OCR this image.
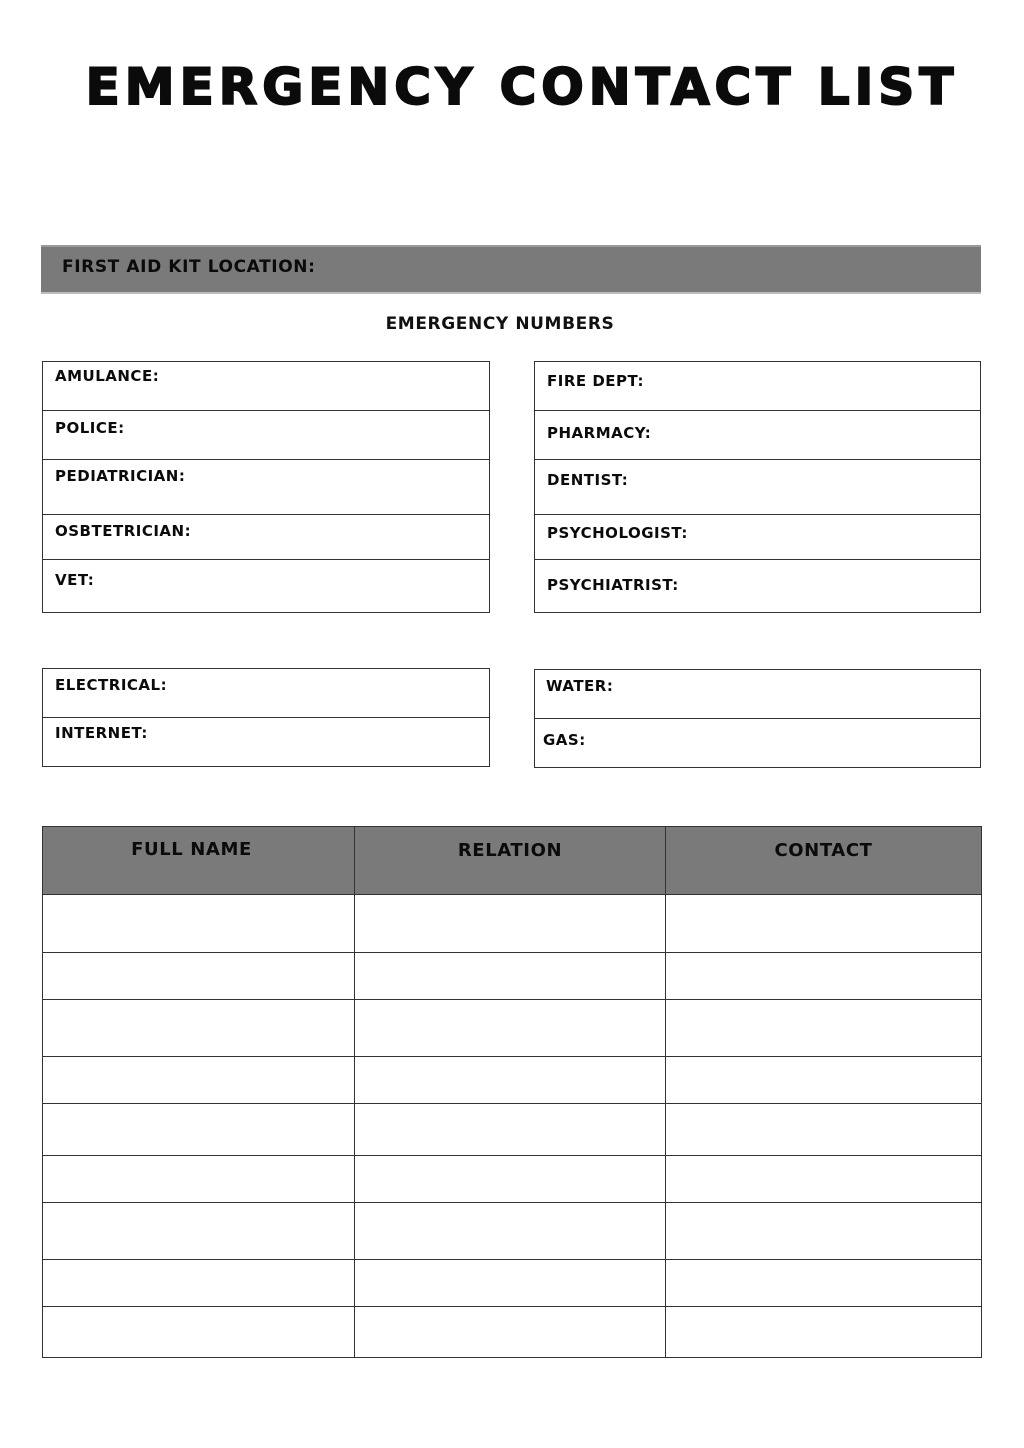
EMERGENCY CONTACT LIST
FIRST AID KIT LOCATION:
EMERGENCY NUMBERS
AMULANCE:
POLICE:
PEDIATRICIAN:
OSBTETRICIAN:
VET:
FIRE DEPT:
PHARMACY:
DENTIST:
PSYCHOLOGIST:
PSYCHIATRIST:
ELECTRICAL:
INTERNET:
WATER:
GAS:
FULL NAME	RELATION	CONTACT
